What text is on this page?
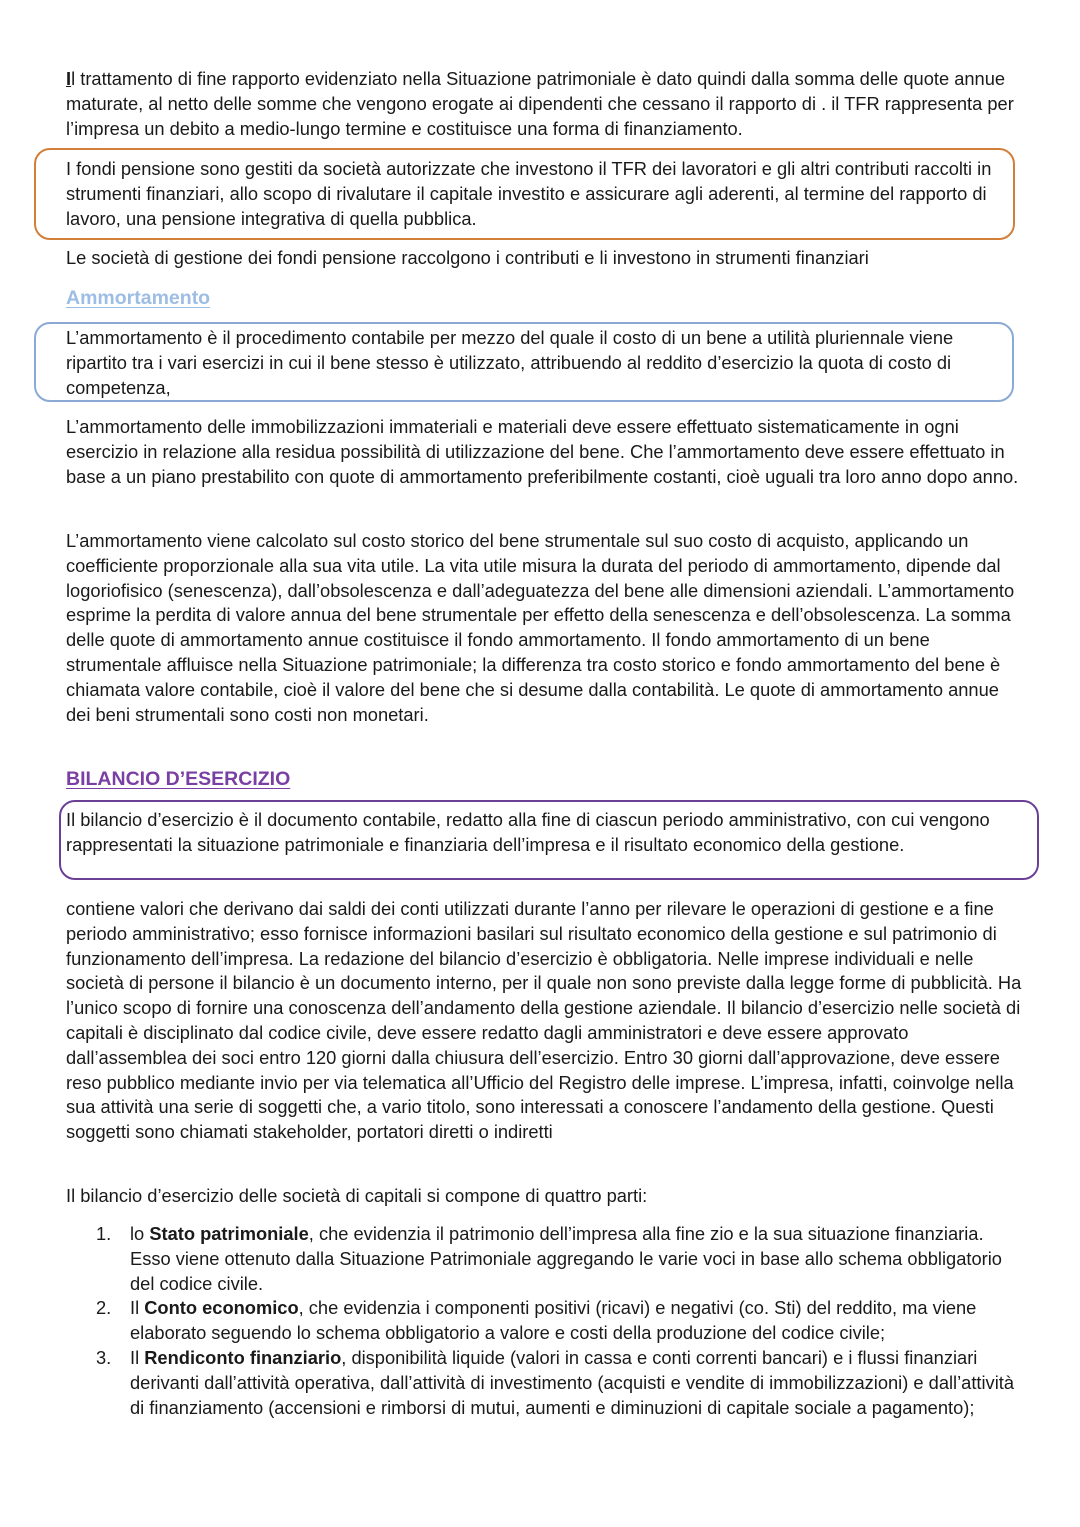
Il trattamento di fine rapporto evidenziato nella Situazione patrimoniale è dato quindi dalla somma delle quote annue maturate, al netto delle somme che vengono erogate ai dipendenti che cessano il rapporto di . il TFR rappresenta per l’impresa un debito a medio-lungo termine e costituisce una forma di finanziamento.

I fondi pensione sono gestiti da società autorizzate che investono il TFR dei lavoratori e gli altri contributi raccolti in strumenti finanziari, allo scopo di rivalutare il capitale investito e assicurare agli aderenti, al termine del rapporto di lavoro, una pensione integrativa di quella pubblica.

Le società di gestione dei fondi pensione raccolgono i contributi e li investono in strumenti finanziari

Ammortamento

L’ammortamento è il procedimento contabile per mezzo del quale il costo di un bene a utilità pluriennale viene ripartito tra i vari esercizi in cui il bene stesso è utilizzato, attribuendo al reddito d’esercizio la quota di costo di competenza,

L’ammortamento delle immobilizzazioni immateriali e materiali deve essere effettuato sistematicamente in ogni esercizio in relazione alla residua possibilità di utilizzazione del bene. Che l’ammortamento deve essere effettuato in base a un piano prestabilito con quote di ammortamento preferibilmente costanti, cioè uguali tra loro anno dopo anno.

L’ammortamento viene calcolato sul costo storico del bene strumentale sul suo costo di acquisto, applicando un coefficiente proporzionale alla sua vita utile. La vita utile misura la durata del periodo di ammortamento, dipende dal logoriofisico (senescenza), dall’obsolescenza e dall’adeguatezza del bene alle dimensioni aziendali. L’ammortamento esprime la perdita di valore annua del bene strumentale per effetto della senescenza e dell’obsolescenza. La somma delle quote di ammortamento annue costituisce il fondo ammortamento. Il fondo ammortamento di un bene strumentale affluisce nella Situazione patrimoniale; la differenza tra costo storico e fondo ammortamento del bene è chiamata valore contabile, cioè il valore del bene che si desume dalla contabilità. Le quote di ammortamento annue dei beni strumentali sono costi non monetari.

BILANCIO D’ESERCIZIO

Il bilancio d’esercizio è il documento contabile, redatto alla fine di ciascun periodo amministrativo, con cui vengono rappresentati la situazione patrimoniale e finanziaria dell’impresa e il risultato economico della gestione.

contiene valori che derivano dai saldi dei conti utilizzati durante l’anno per rilevare le operazioni di gestione e a fine periodo amministrativo; esso fornisce informazioni basilari sul risultato economico della gestione e sul patrimonio di funzionamento dell’impresa. La redazione del bilancio d’esercizio è obbligatoria. Nelle imprese individuali e nelle società di persone il bilancio è un documento interno, per il quale non sono previste dalla legge forme di pubblicità. Ha l’unico scopo di fornire una conoscenza dell’andamento della gestione aziendale. Il bilancio d’esercizio nelle società di capitali è disciplinato dal codice civile, deve essere redatto dagli amministratori e deve essere approvato dall’assemblea dei soci entro 120 giorni dalla chiusura dell’esercizio. Entro 30 giorni dall’approvazione, deve essere reso pubblico mediante invio per via telematica all’Ufficio del Registro delle imprese. L’impresa, infatti, coinvolge nella sua attività una serie di soggetti che, a vario titolo, sono interessati a conoscere l’andamento della gestione. Questi soggetti sono chiamati stakeholder, portatori diretti o indiretti

Il bilancio d’esercizio delle società di capitali si compone di quattro parti:

1. lo Stato patrimoniale, che evidenzia il patrimonio dell’impresa alla fine zio e la sua situazione finanziaria. Esso viene ottenuto dalla Situazione Patrimoniale aggregando le varie voci in base allo schema obbligatorio del codice civile.
2. Il Conto economico, che evidenzia i componenti positivi (ricavi) e negativi (co. Sti) del reddito, ma viene elaborato seguendo lo schema obbligatorio a valore e costi della produzione del codice civile;
3. Il Rendiconto finanziario, disponibilità liquide (valori in cassa e conti correnti bancari) e i flussi finanziari derivanti dall’attività operativa, dall’attività di investimento (acquisti e vendite di immobilizzazioni) e dall’attività di finanziamento (accensioni e rimborsi di mutui, aumenti e diminuzioni di capitale sociale a pagamento);
